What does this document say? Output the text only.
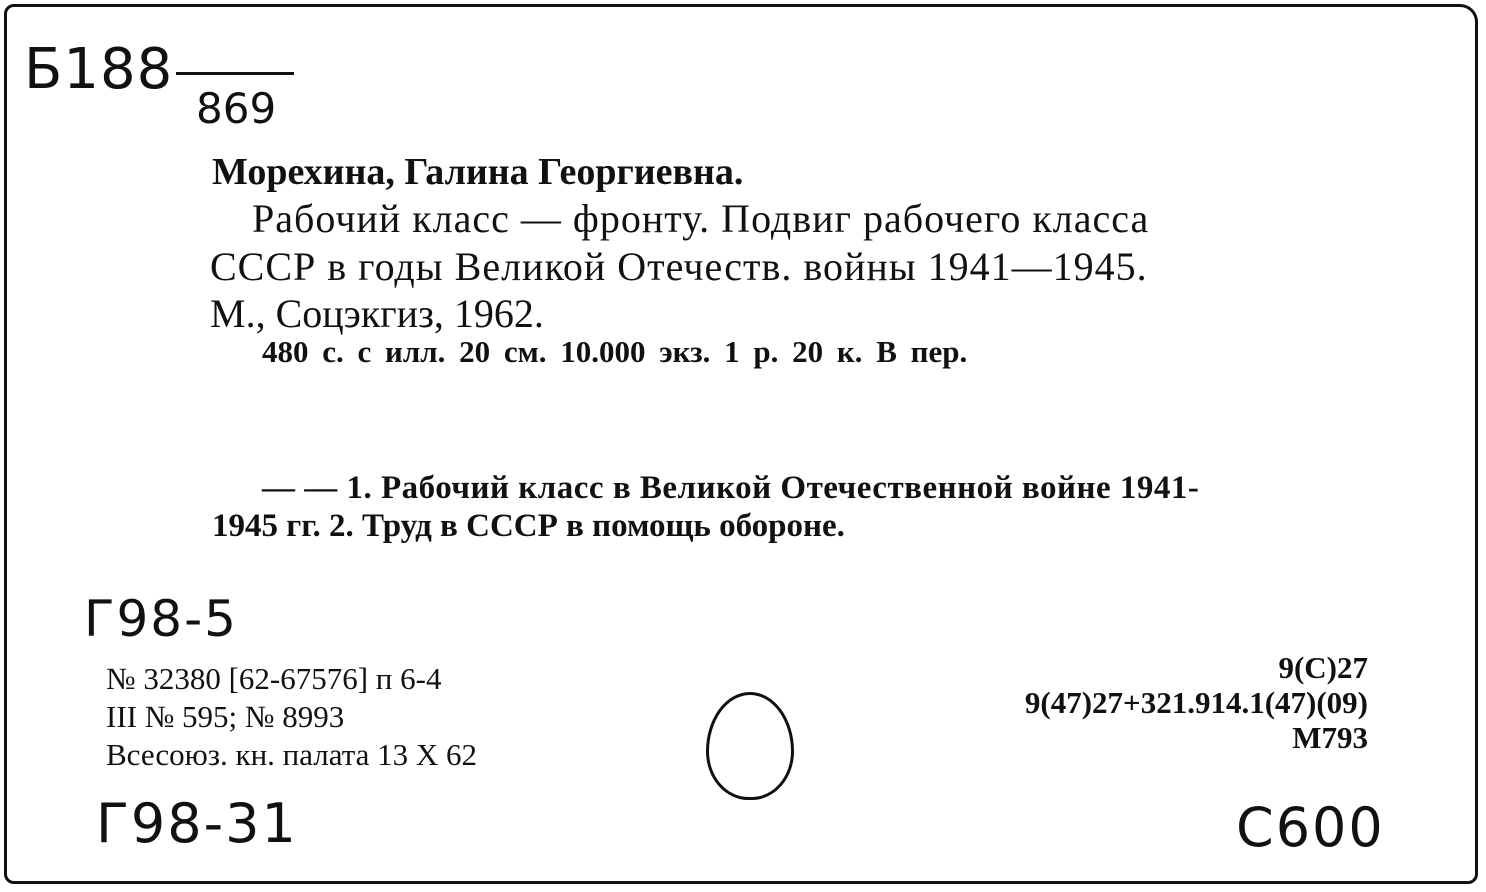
Б188
869
Морехина, Галина Георгиевна.
Рабочий класс — фронту. Подвиг рабочего класса
СССР в годы Великой Отечеств. войны 1941—1945.
М., Соцэкгиз, 1962.
480 с. с илл. 20 см. 10.000 экз. 1 р. 20 к. В пер.
— — 1. Рабочий класс в Великой Отечественной войне 1941-
1945 гг. 2. Труд в СССР в помощь обороне.
Г98-5
№ 32380 [62-67576] п 6-4
III № 595; № 8993
Всесоюз. кн. палата 13 X 62
9(С)27
9(47)27+321.914.1(47)(09)
М793
Г98-31	С600
